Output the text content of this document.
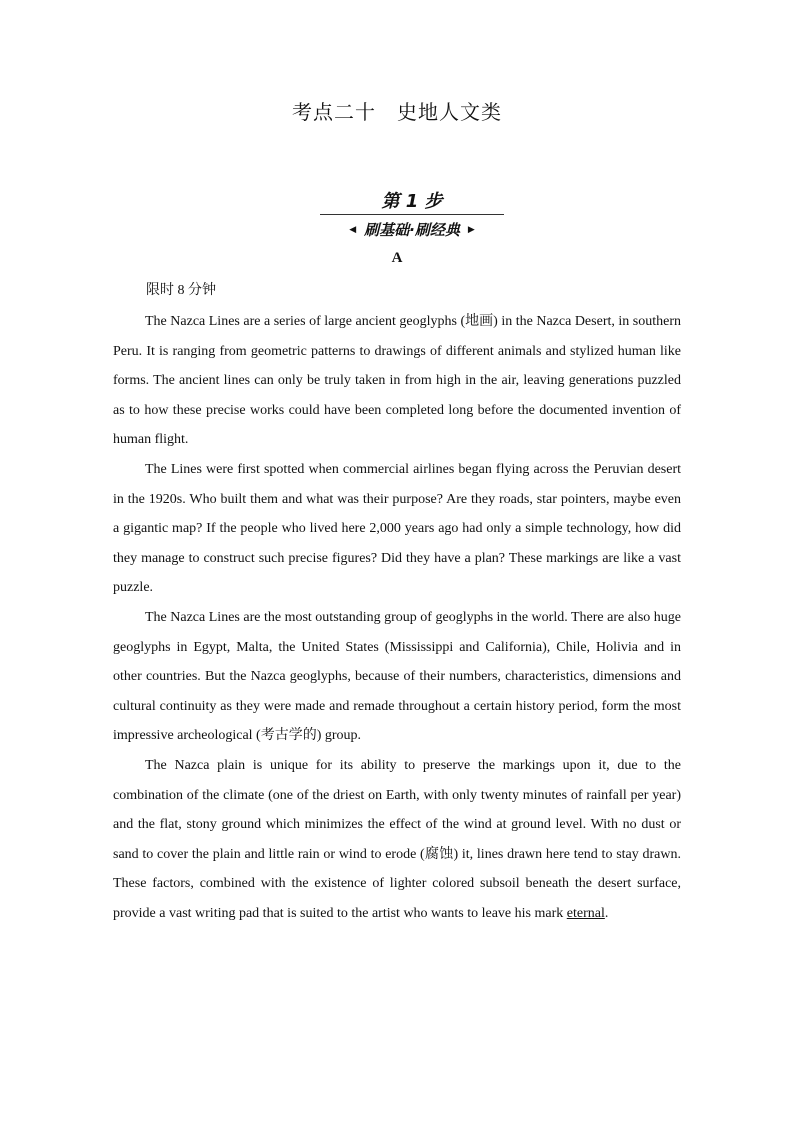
考点二十　史地人文类
第 1 步
◀ 刷基础·刷经典 ▶
A
限时 8 分钟

The Nazca Lines are a series of large ancient geoglyphs (地画) in the Nazca Desert, in southern Peru. It is ranging from geometric patterns to drawings of different animals and stylized human like forms. The ancient lines can only be truly taken in from high in the air, leaving generations puzzled as to how these precise works could have been completed long before the documented invention of human flight.

The Lines were first spotted when commercial airlines began flying across the Peruvian desert in the 1920s. Who built them and what was their purpose? Are they roads, star pointers, maybe even a gigantic map? If the people who lived here 2,000 years ago had only a simple technology, how did they manage to construct such precise figures? Did they have a plan? These markings are like a vast puzzle.

The Nazca Lines are the most outstanding group of geoglyphs in the world. There are also huge geoglyphs in Egypt, Malta, the United States (Mississippi and California), Chile, Holivia and in other countries. But the Nazca geoglyphs, because of their numbers, characteristics, dimensions and cultural continuity as they were made and remade throughout a certain history period, form the most impressive archeological (考古学的) group.

The Nazca plain is unique for its ability to preserve the markings upon it, due to the combination of the climate (one of the driest on Earth, with only twenty minutes of rainfall per year) and the flat, stony ground which minimizes the effect of the wind at ground level. With no dust or sand to cover the plain and little rain or wind to erode (腐蚀) it, lines drawn here tend to stay drawn. These factors, combined with the existence of lighter colored subsoil beneath the desert surface, provide a vast writing pad that is suited to the artist who wants to leave his mark eternal.
